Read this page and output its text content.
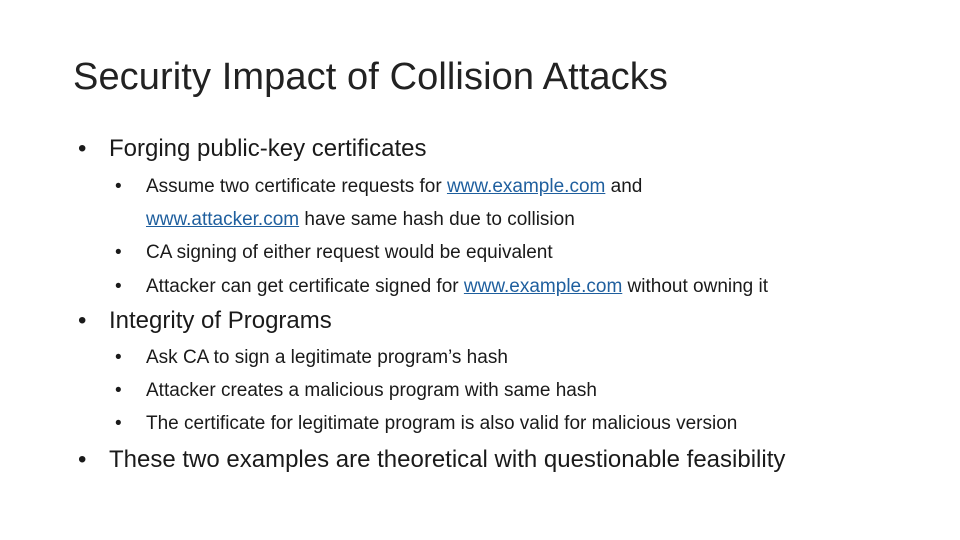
Security Impact of Collision Attacks
• Forging public-key certificates
• Assume two certificate requests for www.example.com and
www.attacker.com have same hash due to collision
• CA signing of either request would be equivalent
• Attacker can get certificate signed for www.example.com without owning it
• Integrity of Programs
• Ask CA to sign a legitimate program’s hash
• Attacker creates a malicious program with same hash
• The certificate for legitimate program is also valid for malicious version
• These two examples are theoretical with questionable feasibility
